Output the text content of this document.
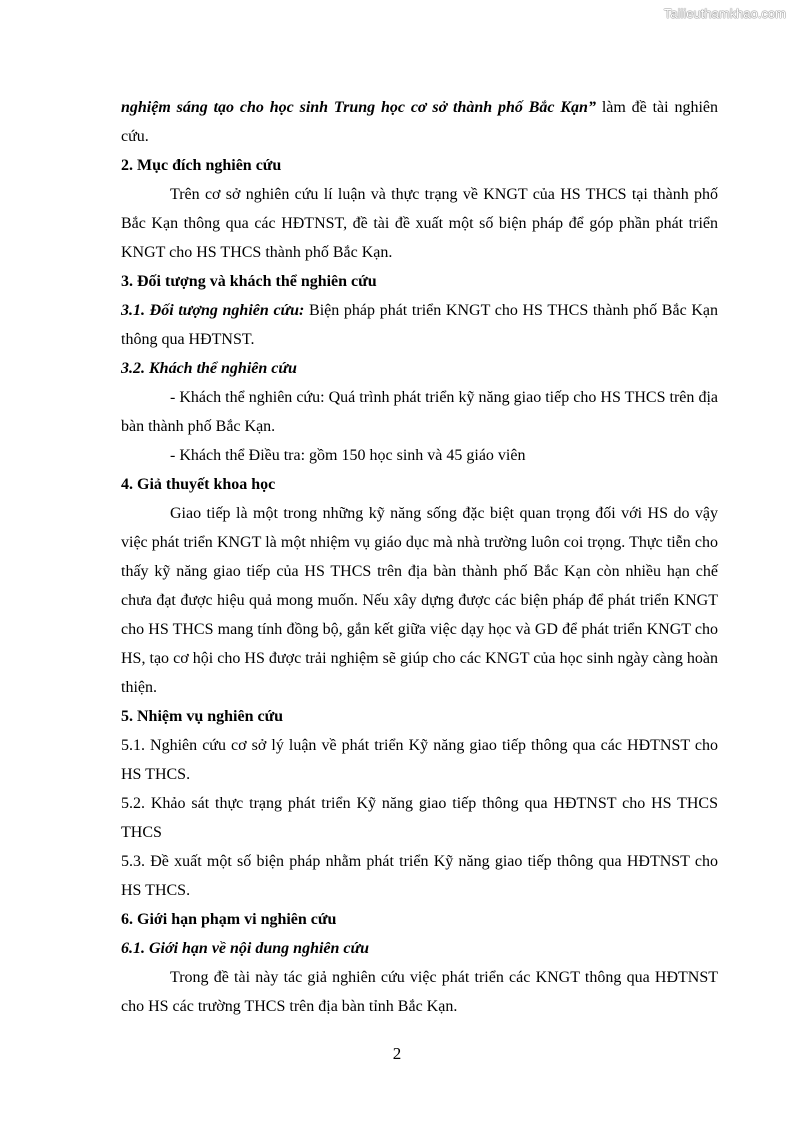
Tailieuthamkhao.com

nghiệm sáng tạo cho học sinh Trung học cơ sở thành phố Bắc Kạn” làm đề tài nghiên cứu.

2. Mục đích nghiên cứu

Trên cơ sở nghiên cứu lí luận và thực trạng về KNGT của HS THCS tại thành phố Bắc Kạn thông qua các HĐTNST, đề tài đề xuất một số biện pháp để góp phần phát triển KNGT cho HS THCS thành phố Bắc Kạn.

3. Đối tượng và khách thể nghiên cứu

3.1. Đối tượng nghiên cứu: Biện pháp phát triển KNGT cho HS THCS thành phố Bắc Kạn thông qua HĐTNST.

3.2. Khách thể nghiên cứu

- Khách thể nghiên cứu: Quá trình phát triển kỹ năng giao tiếp cho HS THCS trên địa bàn thành phố Bắc Kạn.

- Khách thể Điều tra: gồm 150 học sinh và 45 giáo viên

4. Giả thuyết khoa học

Giao tiếp là một trong những kỹ năng sống đặc biệt quan trọng đối với HS do vậy việc phát triển KNGT là một nhiệm vụ giáo dục mà nhà trường luôn coi trọng. Thực tiễn cho thấy kỹ năng giao tiếp của HS THCS trên địa bàn thành phố Bắc Kạn còn nhiều hạn chế chưa đạt được hiệu quả mong muốn. Nếu xây dựng được các biện pháp để phát triển KNGT cho HS THCS mang tính đồng bộ, gắn kết giữa việc dạy học và GD để phát triển KNGT cho HS, tạo cơ hội cho HS được trải nghiệm sẽ giúp cho các KNGT của học sinh ngày càng hoàn thiện.

5. Nhiệm vụ nghiên cứu

5.1. Nghiên cứu cơ sở lý luận về phát triển Kỹ năng giao tiếp thông qua các HĐTNST cho HS THCS.

5.2. Khảo sát thực trạng phát triển Kỹ năng giao tiếp thông qua HĐTNST cho HS THCS THCS

5.3. Đề xuất một số biện pháp nhằm phát triển Kỹ năng giao tiếp thông qua HĐTNST cho HS THCS.

6. Giới hạn phạm vi nghiên cứu

6.1. Giới hạn về nội dung nghiên cứu

Trong đề tài này tác giả nghiên cứu việc phát triển các KNGT thông qua HĐTNST cho HS các trường THCS trên địa bàn tỉnh Bắc Kạn.

2
